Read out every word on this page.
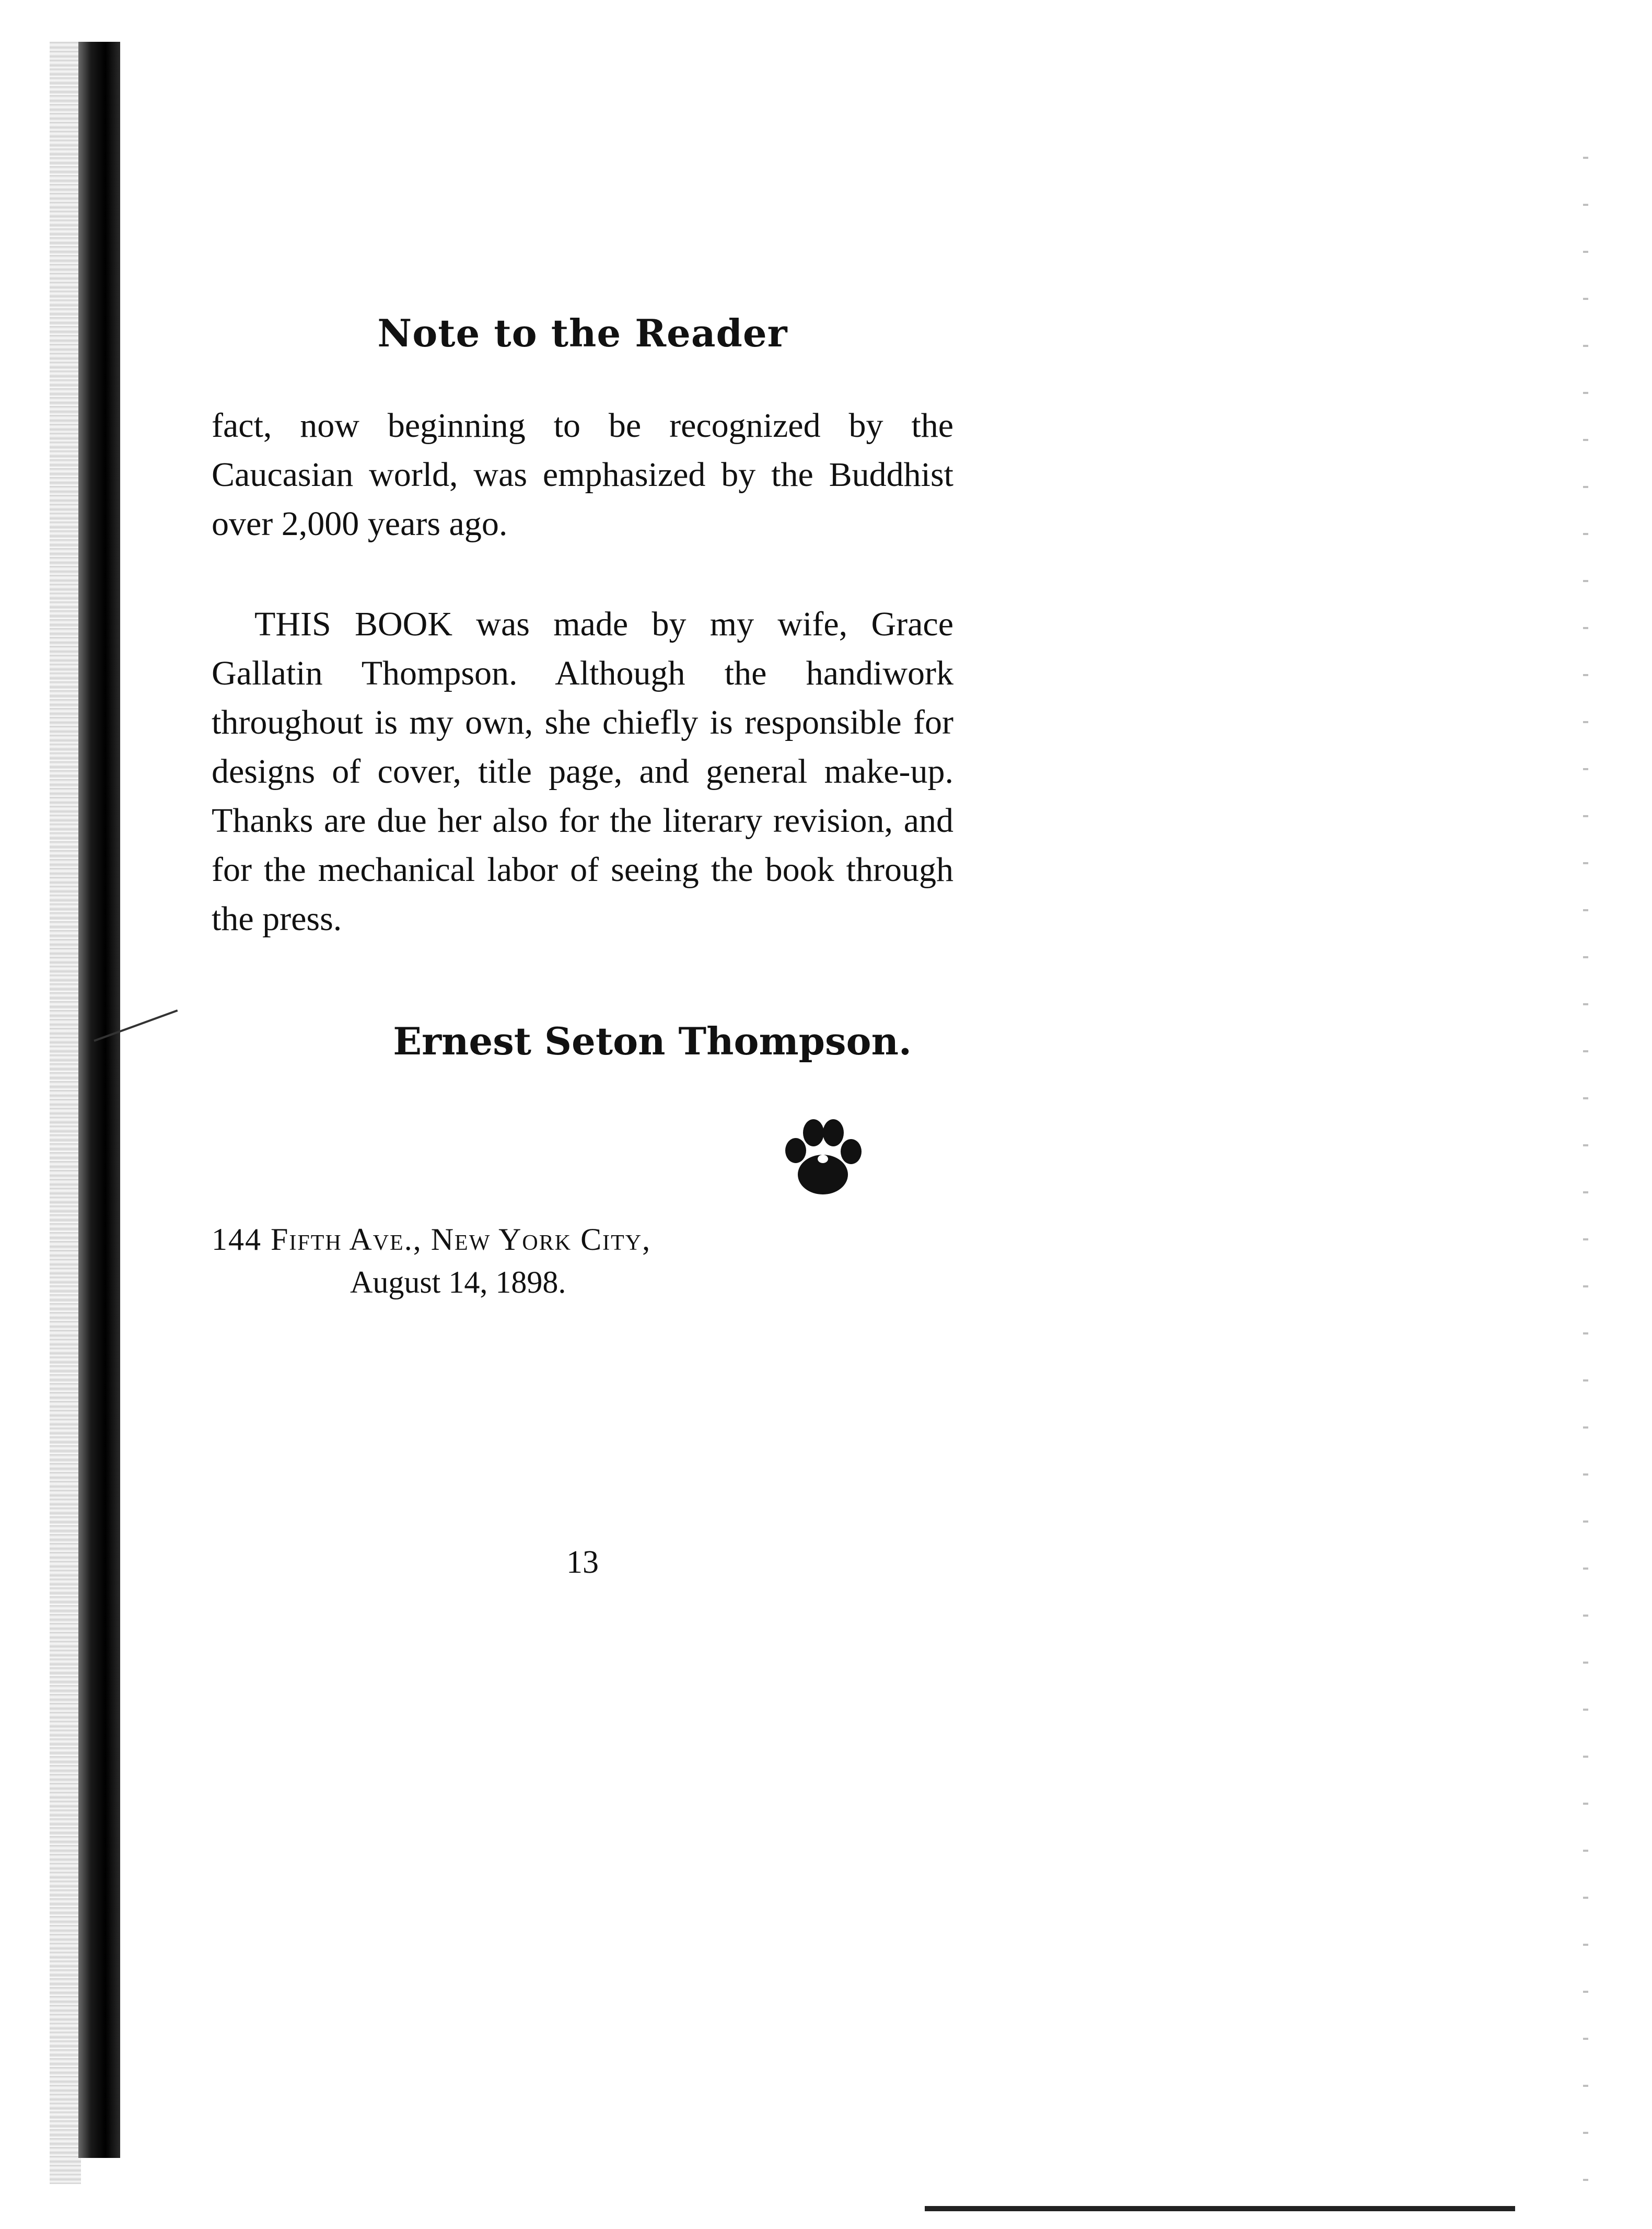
Note to the Reader

fact, now beginning to be recognized by the Caucasian world, was emphasized by the Buddhist over 2,000 years ago.

THIS BOOK was made by my wife, Grace Gallatin Thompson. Although the handiwork throughout is my own, she chiefly is responsible for designs of cover, title page, and general make-up. Thanks are due her also for the literary revision, and for the mechanical labor of seeing the book through the press.

Ernest Seton Thompson.
144 Fifth Ave., New York City,
August 14, 1898.
13
